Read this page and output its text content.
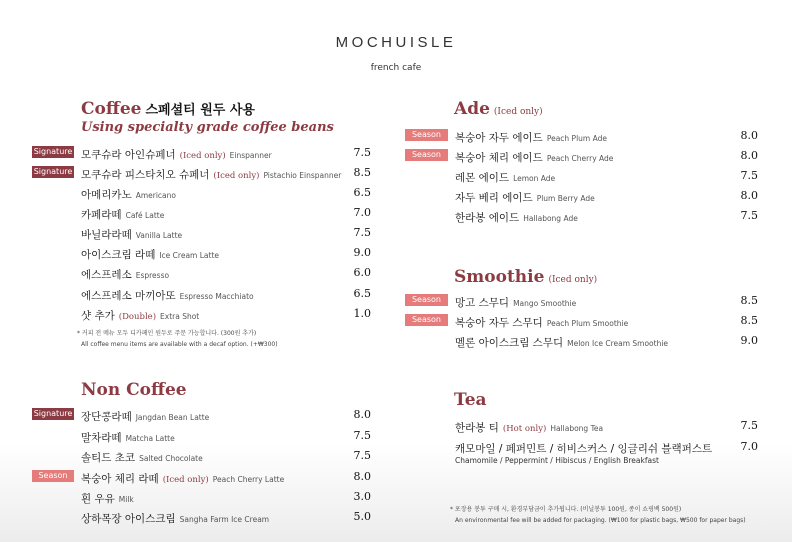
MOCHUISLE
french cafe
Coffee 스페셜티 원두 사용
Using specialty grade coffee beans
Signature 모쿠슈라 아인슈페너 (Iced only) Einspanner	7.5
Signature 모쿠슈라 피스타치오 슈페너 (Iced only) Pistachio Einspanner	8.5
아메리카노 Americano	6.5
카페라떼 Café Latte	7.0
바닐라라떼 Vanilla Latte	7.5
아이스크림 라떼 Ice Cream Latte	9.0
에스프레소 Espresso	6.0
에스프레소 마끼아또 Espresso Macchiato	6.5
샷 추가 (Double) Extra Shot	1.0
* 커피 전 메뉴 모두 디카페인 원두로 주문 가능합니다. (300원 추가)
All coffee menu items are available with a decaf option. (+₩300)
Non Coffee
Signature 장단콩라떼 Jangdan Bean Latte	8.0
말차라떼 Matcha Latte	7.5
솔티드 초코 Salted Chocolate	7.5
Season	복숭아 체리 라떼 (Iced only) Peach Cherry Latte	8.0
흰 우유 Milk	3.0
상하목장 아이스크림 Sangha Farm Ice Cream	5.0
Ade (Iced only)
Season	복숭아 자두 에이드 Peach Plum Ade	8.0
Season	복숭아 체리 에이드 Peach Cherry Ade	8.0
레몬 에이드 Lemon Ade	7.5
자두 베리 에이드 Plum Berry Ade	8.0
한라봉 에이드 Hallabong Ade	7.5
Smoothie (Iced only)
Season	망고 스무디 Mango Smoothie	8.5
Season	복숭아 자두 스무디 Peach Plum Smoothie	8.5
멜론 아이스크림 스무디 Melon Ice Cream Smoothie	9.0
Tea
한라봉 티 (Hot only) Hallabong Tea	7.5
캐모마일 / 페퍼민트 / 히비스커스 / 잉글리쉬 블랙퍼스트	7.0
Chamomile / Peppermint / Hibiscus / English Breakfast
* 포장용 봉투 구매 시, 환경부담금이 추가됩니다. (비닐봉투 100원, 종이 쇼핑백 500원)
An environmental fee will be added for packaging. (₩100 for plastic bags, ₩500 for paper bags)
